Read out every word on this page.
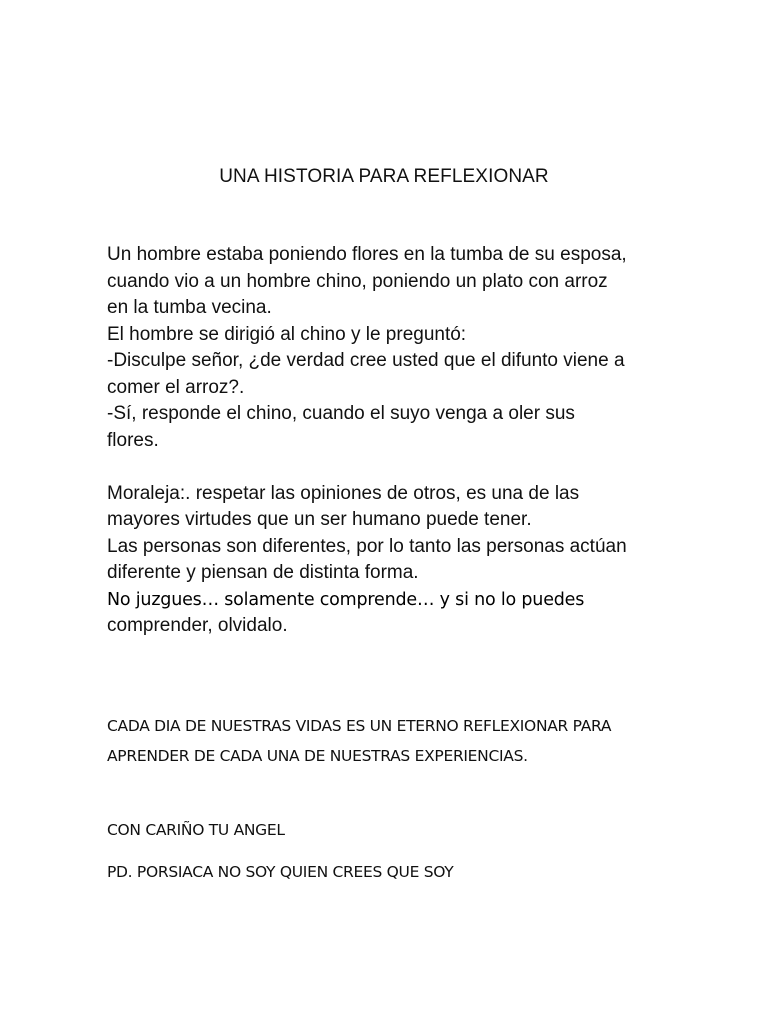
UNA HISTORIA PARA REFLEXIONAR
Un hombre estaba poniendo flores en la tumba de su esposa,
cuando vio a un hombre chino, poniendo un plato con arroz
en la tumba vecina.
El hombre se dirigió al chino y le preguntó:
-Disculpe señor, ¿de verdad cree usted que el difunto viene a
comer el arroz?.
-Sí, responde el chino, cuando el suyo venga a oler sus
flores.
Moraleja:. respetar las opiniones de otros, es una de las
mayores virtudes que un ser humano puede tener.
Las personas son diferentes, por lo tanto las personas actúan
diferente y piensan de distinta forma.
No juzgues… solamente comprende… y si no lo puedes
comprender, olvidalo.
CADA DIA DE NUESTRAS VIDAS ES UN ETERNO REFLEXIONAR PARA
APRENDER DE CADA UNA DE NUESTRAS EXPERIENCIAS.
CON CARIÑO TU ANGEL
PD. PORSIACA NO SOY QUIEN CREES QUE SOY
